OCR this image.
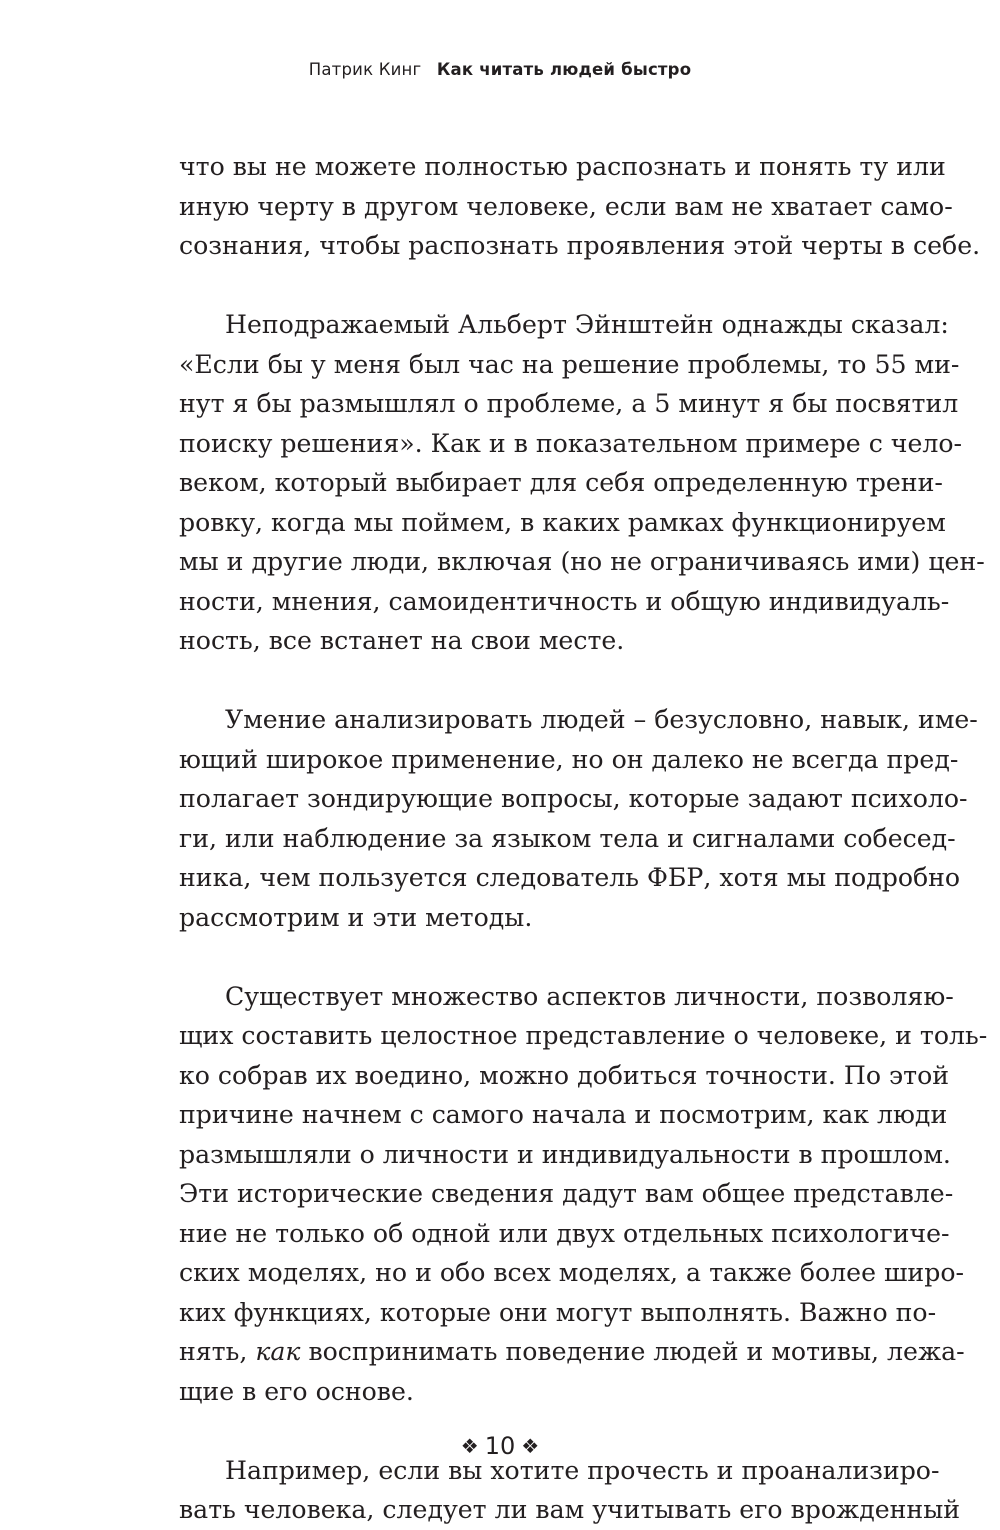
Патрик Кинг Как читать людей быстро
что вы не можете полностью распознать и понять ту или
иную черту в другом человеке, если вам не хватает само-
сознания, чтобы распознать проявления этой черты в себе.
Неподражаемый Альберт Эйнштейн однажды сказал:
«Если бы у меня был час на решение проблемы, то 55 ми-
нут я бы размышлял о проблеме, а 5 минут я бы посвятил
поиску решения». Как и в показательном примере с чело-
веком, который выбирает для себя определенную трени-
ровку, когда мы поймем, в каких рамках функционируем
мы и другие люди, включая (но не ограничиваясь ими) цен-
ности, мнения, самоидентичность и общую индивидуаль-
ность, все встанет на свои месте.
Умение анализировать людей – безусловно, навык, име-
ющий широкое применение, но он далеко не всегда пред-
полагает зондирующие вопросы, которые задают психоло-
ги, или наблюдение за языком тела и сигналами собесед-
ника, чем пользуется следователь ФБР, хотя мы подробно
рассмотрим и эти методы.
Существует множество аспектов личности, позволяю-
щих составить целостное представление о человеке, и толь-
ко собрав их воедино, можно добиться точности. По этой
причине начнем с самого начала и посмотрим, как люди
размышляли о личности и индивидуальности в прошлом.
Эти исторические сведения дадут вам общее представле-
ние не только об одной или двух отдельных психологиче-
ских моделях, но и обо всех моделях, а также более широ-
ких функциях, которые они могут выполнять. Важно по-
нять, как воспринимать поведение людей и мотивы, лежа-
щие в его основе.
Например, если вы хотите прочесть и проанализиро-
вать человека, следует ли вам учитывать его врожденный
❖ 10 ❖
